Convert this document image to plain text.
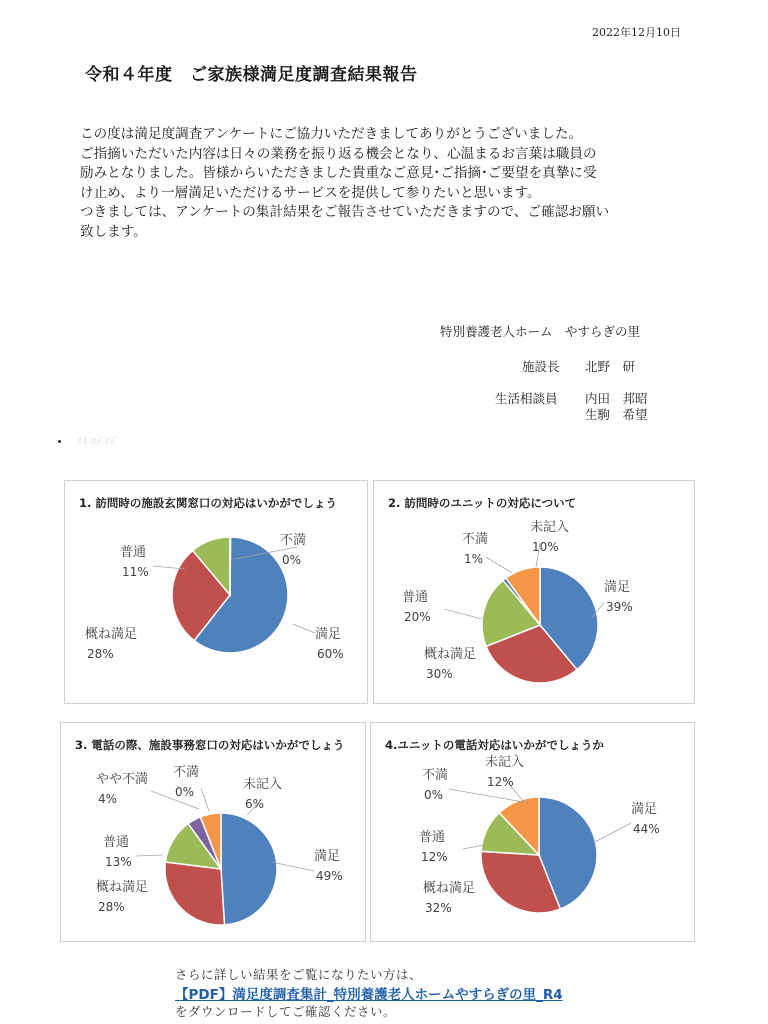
2022年12月10日
令和４年度　ご家族様満足度調査結果報告

この度は満足度調査アンケートにご協力いただきましてありがとうございました。

ご指摘いただいた内容は日々の業務を振り返る機会となり、心温まるお言葉は職員の

励みとなりました。皆様からいただきました貴重なご意見･ご指摘･ご要望を真摯に受

け止め、より一層満足いただけるサービスを提供して参りたいと思います。

つきましては、アンケートの集計結果をご報告させていただきますので、ご確認お願い

致します。

特別養護老人ホーム　やすらぎの里
施設長 北野　研
生活相談員 内田　邦昭
生駒　希望
ﾛﾒﾞﾛﾒﾞﾛﾒﾞ
1. 訪問時の施設玄関窓口の対応はいかがでしょう
満足
60%
概ね満足
28%
普通
11%
不満
0%
2. 訪問時のユニットの対応について
満足
39%
概ね満足
30%
普通
20%
不満
1%
未記入
10%
3. 電話の際、施設事務窓口の対応はいかがでしょう
満足
49%
概ね満足
28%
普通
13%
やや不満
4%
不満
0%	未記入
6%
4.ユニットの電話対応はいかがでしょうか
満足
44%
概ね満足
32%
普通
12%
不満
0%
未記入
12%
さらに詳しい結果をご覧になりたい方は、
【PDF】満足度調査集計_特別養護老人ホームやすらぎの里_R4
をダウンロードしてご確認ください。
